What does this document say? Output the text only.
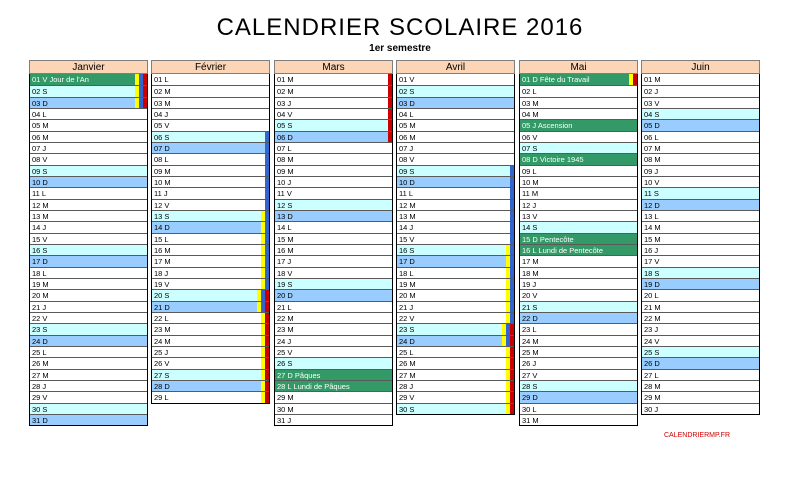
CALENDRIER SCOLAIRE 2016
1er semestre
Janvier
01 V Jour de l'An
02 S
03 D
04 L
05 M
06 M
07 J
08 V
09 S
10 D
11 L
12 M
13 M
14 J
15 V
16 S
17 D
18 L
19 M
20 M
21 J
22 V
23 S
24 D
25 L
26 M
27 M
28 J
29 V
30 S
31 D
Février
01 L
02 M
03 M
04 J
05 V
06 S
07 D
08 L
09 M
10 M
11 J
12 V
13 S
14 D
15 L
16 M
17 M
18 J
19 V
20 S
21 D
22 L
23 M
24 M
25 J
26 V
27 S
28 D
29 L
Mars
01 M
02 M
03 J
04 V
05 S
06 D
07 L
08 M
09 M
10 J
11 V
12 S
13 D
14 L
15 M
16 M
17 J
18 V
19 S
20 D
21 L
22 M
23 M
24 J
25 V
26 S
27 D Pâques
28 L Lundi de Pâques
29 M
30 M
31 J
Avril
01 V
02 S
03 D
04 L
05 M
06 M
07 J
08 V
09 S
10 D
11 L
12 M
13 M
14 J
15 V
16 S
17 D
18 L
19 M
20 M
21 J
22 V
23 S
24 D
25 L
26 M
27 M
28 J
29 V
30 S
Mai
01 D Fête du Travail
02 L
03 M
04 M
05 J Ascension
06 V
07 S
08 D Victoire 1945
09 L
10 M
11 M
12 J
13 V
14 S
15 D Pentecôte
16 L Lundi de Pentecôte
17 M
18 M
19 J
20 V
21 S
22 D
23 L
24 M
25 M
26 J
27 V
28 S
29 D
30 L
31 M
Juin
01 M
02 J
03 V
04 S
05 D
06 L
07 M
08 M
09 J
10 V
11 S
12 D
13 L
14 M
15 M
16 J
17 V
18 S
19 D
20 L
21 M
22 M
23 J
24 V
25 S
26 D
27 L
28 M
29 M
30 J
CALENDRIERMP.FR
